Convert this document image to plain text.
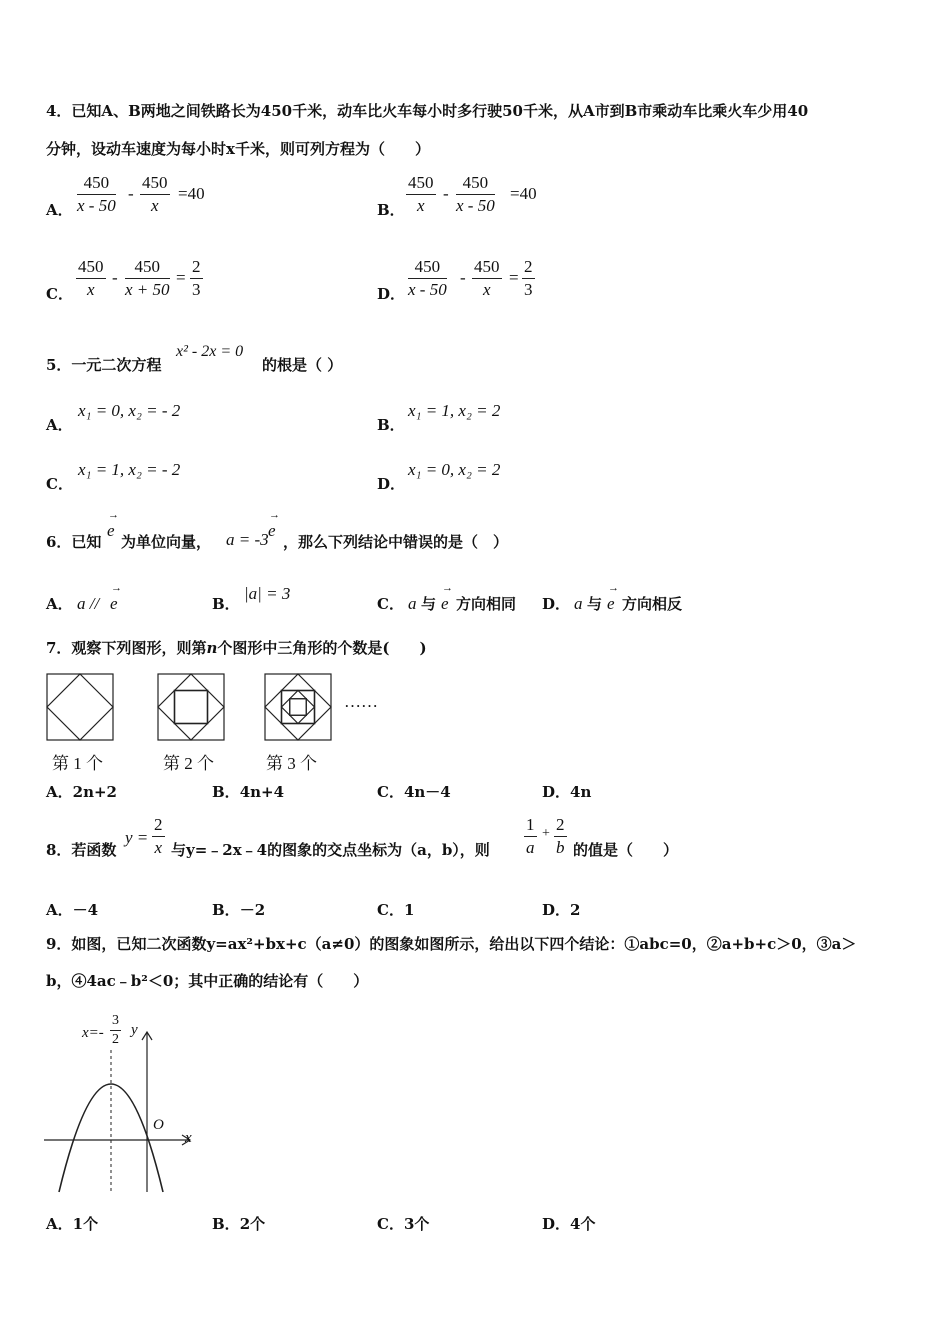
4．已知A、B两地之间铁路长为450千米，动车比火车每小时多行驶50千米，从A市到B市乘动车比乘火车少用40
分钟，设动车速度为每小时x千米，则可列方程为（　　）
A． $\frac{450}{x - 50} - \frac{450}{x} =40$
B． $\frac{450}{x} - \frac{450}{x - 50} =40$
C． $\frac{450}{x} - \frac{450}{x + 50} = \frac{2}{3}$	D． $\frac{450}{x - 50} - \frac{450}{x} = \frac{2}{3}$
5．一元二次方程
x² - 2x = 0
的根是（ ）
A．
x₁ = 0, x₂ = - 2
B．
x₁ = 1, x₂ = 2
C．
x₁ = 1, x₂ = - 2
D．
x₁ = 0, x₂ = 2
6．已知
→
e
为单位向量， a = -3
→
e
，那么下列结论中错误的是（　）
A． a //
→
e	B．
|a| = 3
C． a 与
→
e 方向相同 D． a 与
→
e 方向相反
7．观察下列图形，则第n个图形中三角形的个数是(　　)
……
第 1 个	第 2 个	第 3 个
A．2n+2	B．4n+4	C．4n－4	D．4n
8．若函数
$y = \frac{2}{x}$ 与y=﹣2x﹣4的图象的交点坐标为（a，b），则 $\frac{1}{a} + \frac{2}{b}$ 的值是（　　）
A．－4	B．－2	C．1	D．2
9．如图，已知二次函数y=ax²+bx+c（a≠0）的图象如图所示，给出以下四个结论：①abc=0，②a+b+c＞0，③a＞
b，④4ac﹣b²＜0；其中正确的结论有（　　）
$x=- \frac{3}{2}$ y
x
O
A．1个	B．2个	C．3个	D．4个
